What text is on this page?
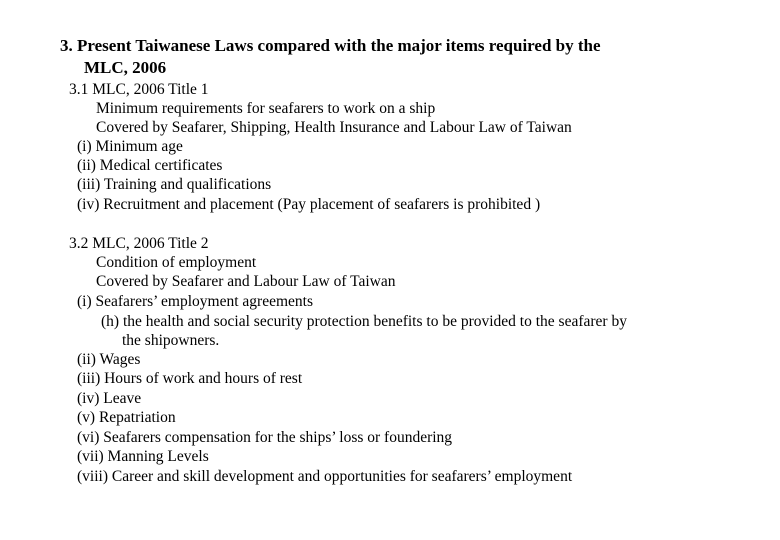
3. Present Taiwanese Laws compared with the major items required by the
MLC, 2006
3.1 MLC, 2006 Title 1
Minimum requirements for seafarers to work on a ship
Covered by Seafarer, Shipping, Health Insurance and Labour Law of Taiwan
(i) Minimum age
(ii) Medical certificates
(iii) Training and qualifications
(iv) Recruitment and placement (Pay placement of seafarers is prohibited )
3.2 MLC, 2006 Title 2
Condition of employment
Covered by Seafarer and Labour Law of Taiwan
(i) Seafarers’ employment agreements
(h) the health and social security protection benefits to be provided to the seafarer by
the shipowners.
(ii) Wages
(iii) Hours of work and hours of rest
(iv) Leave
(v) Repatriation
(vi) Seafarers compensation for the ships’ loss or foundering
(vii) Manning Levels
(viii) Career and skill development and opportunities for seafarers’ employment
